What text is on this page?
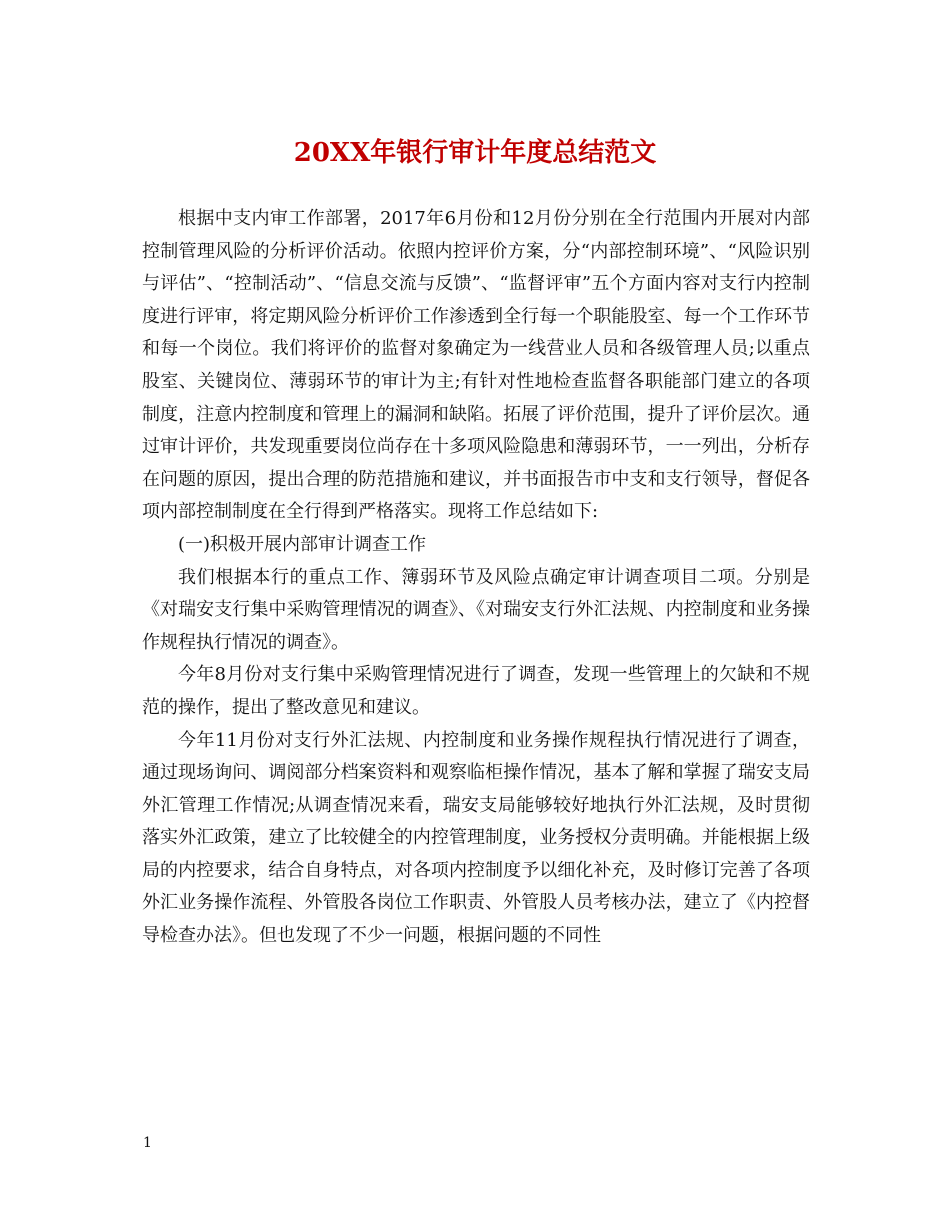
20XX年银行审计年度总结范文

根据中支内审工作部署，2017年6月份和12月份分别在全行范围内开展对内部控制管理风险的分析评价活动。依照内控评价方案，分“内部控制环境”、“风险识别与评估”、“控制活动”、“信息交流与反馈”、“监督评审”五个方面内容对支行内控制度进行评审，将定期风险分析评价工作渗透到全行每一个职能股室、每一个工作环节和每一个岗位。我们将评价的监督对象确定为一线营业人员和各级管理人员;以重点股室、关键岗位、薄弱环节的审计为主;有针对性地检查监督各职能部门建立的各项制度，注意内控制度和管理上的漏洞和缺陷。拓展了评价范围，提升了评价层次。通过审计评价，共发现重要岗位尚存在十多项风险隐患和薄弱环节，一一列出，分析存在问题的原因，提出合理的防范措施和建议，并书面报告市中支和支行领导，督促各项内部控制制度在全行得到严格落实。现将工作总结如下:

(一)积极开展内部审计调查工作

我们根据本行的重点工作、簿弱环节及风险点确定审计调查项目二项。分别是《对瑞安支行集中采购管理情况的调查》、《对瑞安支行外汇法规、内控制度和业务操作规程执行情况的调查》。

今年8月份对支行集中采购管理情况进行了调查，发现一些管理上的欠缺和不规范的操作，提出了整改意见和建议。

今年11月份对支行外汇法规、内控制度和业务操作规程执行情况进行了调查，通过现场询问、调阅部分档案资料和观察临柜操作情况，基本了解和掌握了瑞安支局外汇管理工作情况;从调查情况来看，瑞安支局能够较好地执行外汇法规，及时贯彻落实外汇政策，建立了比较健全的内控管理制度，业务授权分责明确。并能根据上级局的内控要求，结合自身特点，对各项内控制度予以细化补充，及时修订完善了各项外汇业务操作流程、外管股各岗位工作职责、外管股人员考核办法，建立了《内控督导检查办法》。但也发现了不少一问题，根据问题的不同性

1
